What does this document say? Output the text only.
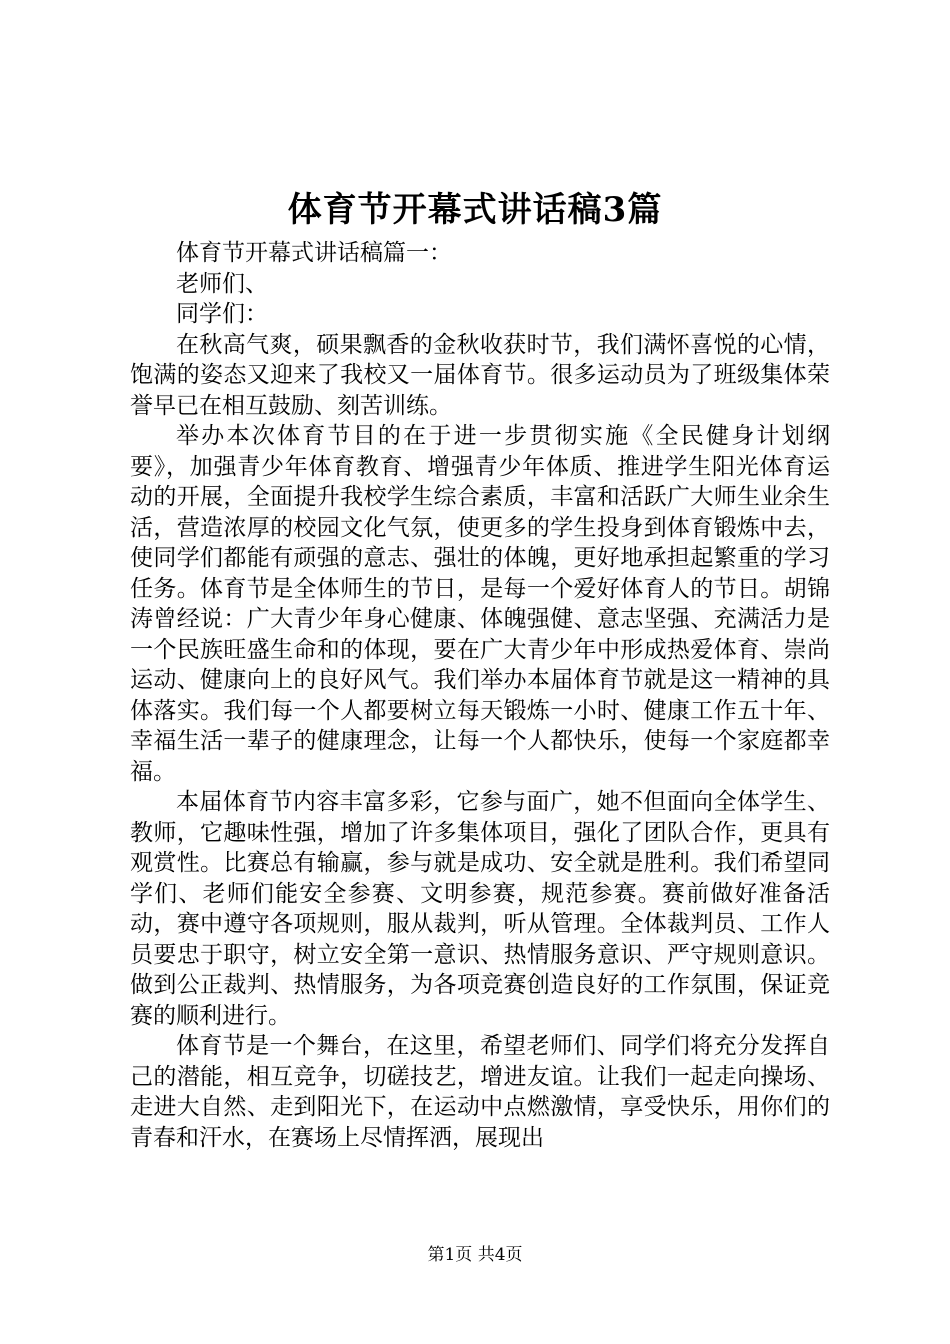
体育节开幕式讲话稿3篇

体育节开幕式讲话稿篇一：

老师们、

同学们：

在秋高气爽，硕果飘香的金秋收获时节，我们满怀喜悦的心情，饱满的姿态又迎来了我校又一届体育节。很多运动员为了班级集体荣誉早已在相互鼓励、刻苦训练。

举办本次体育节目的在于进一步贯彻实施《全民健身计划纲要》，加强青少年体育教育、增强青少年体质、推进学生阳光体育运动的开展，全面提升我校学生综合素质，丰富和活跃广大师生业余生活，营造浓厚的校园文化气氛，使更多的学生投身到体育锻炼中去，使同学们都能有顽强的意志、强壮的体魄，更好地承担起繁重的学习任务。体育节是全体师生的节日，是每一个爱好体育人的节日。胡锦涛曾经说：广大青少年身心健康、体魄强健、意志坚强、充满活力是一个民族旺盛生命和的体现，要在广大青少年中形成热爱体育、崇尚运动、健康向上的良好风气。我们举办本届体育节就是这一精神的具体落实。我们每一个人都要树立每天锻炼一小时、健康工作五十年、幸福生活一辈子的健康理念，让每一个人都快乐，使每一个家庭都幸福。

本届体育节内容丰富多彩，它参与面广，她不但面向全体学生、教师，它趣味性强，增加了许多集体项目，强化了团队合作，更具有观赏性。比赛总有输赢，参与就是成功、安全就是胜利。我们希望同学们、老师们能安全参赛、文明参赛，规范参赛。赛前做好准备活动，赛中遵守各项规则，服从裁判，听从管理。全体裁判员、工作人员要忠于职守，树立安全第一意识、热情服务意识、严守规则意识。做到公正裁判、热情服务，为各项竞赛创造良好的工作氛围，保证竞赛的顺利进行。

体育节是一个舞台，在这里，希望老师们、同学们将充分发挥自己的潜能，相互竞争，切磋技艺，增进友谊。让我们一起走向操场、走进大自然、走到阳光下，在运动中点燃激情，享受快乐，用你们的青春和汗水，在赛场上尽情挥洒，展现出

第1页 共4页
